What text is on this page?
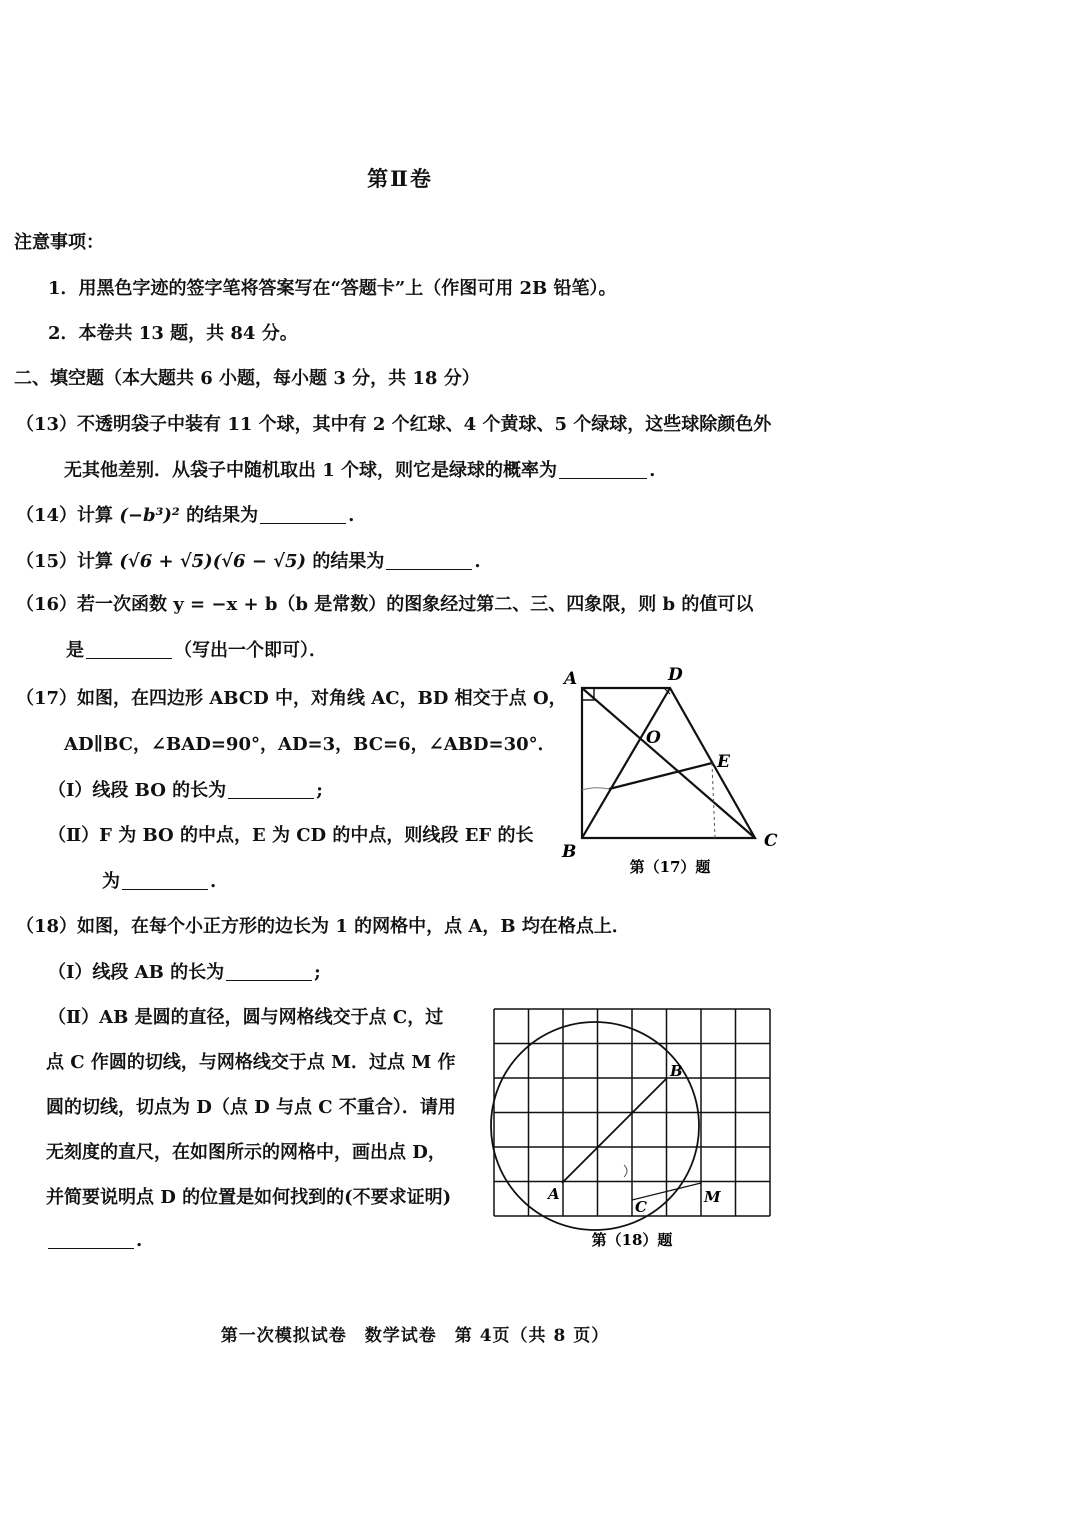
第Ⅱ卷
注意事项：
1．用黑色字迹的签字笔将答案写在“答题卡”上（作图可用 2B 铅笔）。
2．本卷共 13 题，共 84 分。
二、填空题（本大题共 6 小题，每小题 3 分，共 18 分）
（13）不透明袋子中装有 11 个球，其中有 2 个红球、4 个黄球、5 个绿球，这些球除颜色外
无其他差别．从袋子中随机取出 1 个球，则它是绿球的概率为	.
（14）计算 (−b³)² 的结果为	.
（15）计算 (√6 + √5)(√6 − √5) 的结果为	.
（16）若一次函数 y = −x + b（b 是常数）的图象经过第二、三、四象限，则 b 的值可以
是	（写出一个即可）．
（17）如图，在四边形 ABCD 中，对角线 AC，BD 相交于点 O，
AD∥BC，∠BAD=90°，AD=3，BC=6，∠ABD=30°．
（Ⅰ）线段 BO 的长为	;
（Ⅱ）F 为 BO 的中点，E 为 CD 的中点，则线段 EF 的长
为	.
A	D
O
E
B
C
第（17）题
（18）如图，在每个小正方形的边长为 1 的网格中，点 A，B 均在格点上．
（Ⅰ）线段 AB 的长为	;
（Ⅱ）AB 是圆的直径，圆与网格线交于点 C，过
点 C 作圆的切线，与网格线交于点 M．过点 M 作
圆的切线，切点为 D（点 D 与点 C 不重合）．请用
无刻度的直尺，在如图所示的网格中，画出点 D，
并简要说明点 D 的位置是如何找到的(不要求证明)
.
B
A
C
M
第（18）题
第一次模拟试卷　数学试卷　第 4页（共 8 页）
